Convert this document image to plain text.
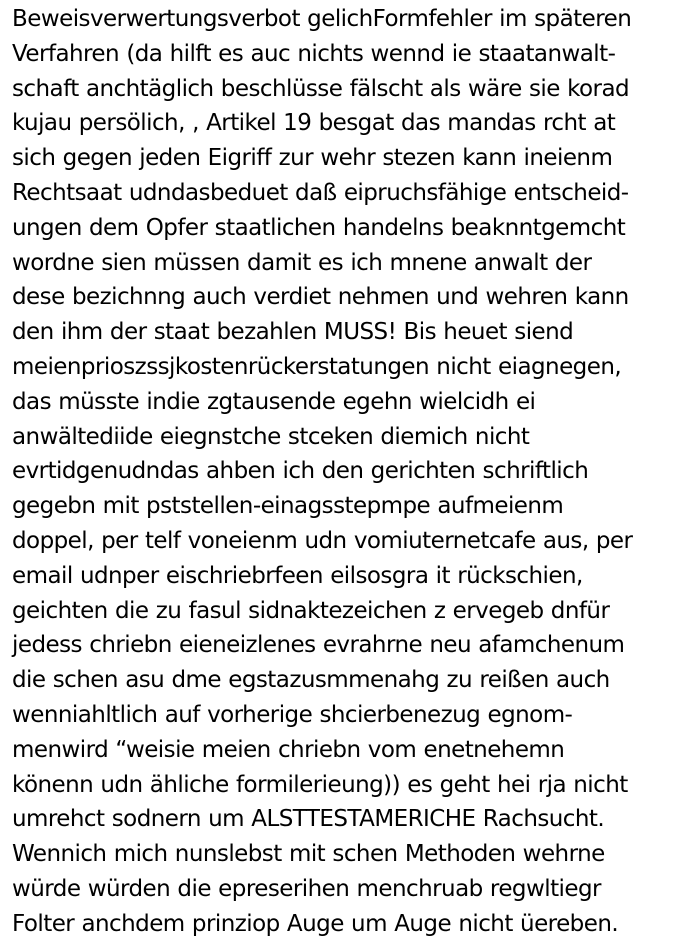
Beweisverwertungsverbot gelichFormfehler im späteren
Verfahren (da hilft es auc nichts wennd ie staatanwalt-
schaft anchtäglich beschlüsse fälscht als wäre sie korad
kujau persölich, , Artikel 19 besgat das mandas rcht at
sich gegen jeden Eigriff zur wehr stezen kann ineienm
Rechtsaat udndasbeduet daß eipruchsfähige entscheid-
ungen dem Opfer staatlichen handelns beaknntgemcht
wordne sien müssen damit es ich mnene anwalt der
dese bezichnng auch verdiet nehmen und wehren kann
den ihm der staat bezahlen MUSS! Bis heuet siend
meienprioszssjkostenrückerstatungen nicht eiagnegen,
das müsste indie zgtausende egehn wielcidh ei
anwältediide eiegnstche stceken diemich nicht
evrtidgenudndas ahben ich den gerichten schriftlich
gegebn mit pststellen-einagsstepmpe aufmeienm
doppel, per telf voneienm udn vomiuternetcafe aus, per
email udnper eischriebrfeen eilsosgra it rückschien,
geichten die zu fasul sidnaktezeichen z ervegeb dnfür
jedess chriebn eieneizlenes evrahrne neu afamchenum
die schen asu dme egstazusmmenahg zu reißen auch
wenniahltlich auf vorherige shcierbenezug egnom-
menwird “weisie meien chriebn vom enetnehemn
könenn udn ähliche formilerieung)) es geht hei rja nicht
umrehct sodnern um ALSTTESTAMERICHE Rachsucht.
Wennich mich nunslebst mit schen Methoden wehrne
würde würden die epreserihen menchruab regwltiegr
Folter anchdem prinziop Auge um Auge nicht üereben.
